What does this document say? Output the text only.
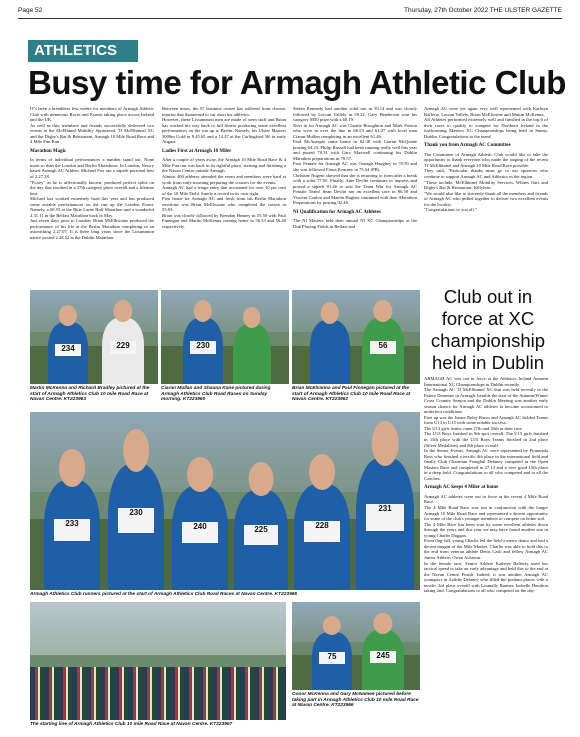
Page 52	Thursday, 27th October 2022 THE ULSTER GAZETTE
ATHLETICS
Busy time for Armagh Athletic Club

IT's been a breathless few weeks for members of Armagh Athletic Club with numerous Races and Events taking place across Ireland and the UK.

As well as this, members and friends successfully delivered two events in the McElhinnl Mobility Sponsored, TJ McElhinnel XC and the Digby's Bar & Restaurant, Armagh 10 Mile Road Race and 4 Mile Fun Run.

Marathon Magic

In terms of individual performances a number stand out. None more so than the London and Berlin Marathons. In London, Newry based Armagh AC Athlete, Michael Fox ran a superb personal best of 2.27.28.

"Foxey" as he is affectionally known, produced perfect splits on the day that resulted in a 27th category place overall and a lifetime best.

Michael has worked extremely hard this year and has produced some notable performances on the run up the London Event. Namely, a 69.55 at the Bitte Larne Half Marathon and a wonderful 2.31.11 in the Belfast Marathon back in May.

Just seven days prior to London, Brian McElhwaine produced the performance of his life at the Berlin Marathon completing in an astonishing 2.27.07. It is three long years since the Lissummon native posted 2.28.52 at the Dublin Marathon.

Between times, the IT business owner has suffered from chronic injuries that threatened to cut short his athletics.

However, these Lissummon men are made of stern stuff and Brian has worked his way back to full fitness producing some excellent performances on the run up to Berlin. Namely, his Ulster Masters 3000m Gold in 9.45.65 and a 14.47 at the Carlingford 5K in early August.

Ladies First at Armagh 10 Miler

After a couple of years away, the Armagh 10 Mile Road Race & 4 Mile Fun run was back in its rightful place, starting and finishing a the Navan Centre outside Armagh.

Almost 400 athletes attended the event and members were hard at work from early morning preparing the courses for the events.

Armagh AC had a fringe entry that accounted for over 10 per cent of the 10 Mile Field. Surely a record in its own right.

First home for Armagh AC and fresh from his Berlin Marathon exertions was Brian McElwaine who completed the course in 55.03.

Brian was closely followed by Brendan Heaney in 55.50 with Paul Finnegan and Martin McKenna coming home in 56.33 and 56.40 respectively.

Stefan Kennedy had another solid run in 59.14 and was closely followed by Lorcan Vallely in 59.22. Gary Henderson won his category M50 prize with a 60.19.

Next in for Armagh AC was Charlie Broughton and Mark Paxton who were in over the line in 60.53 and 61.07 with local man Ciaran Mullen completing in an excellent 61.46.

Paul McAnespie came home in 62.38 with Ciaran McQuade posting 64.23. Philip Russell had been running really well this year and posted 70.31 with Gary Maxwell continuing his Dublin Marathon preparations in 70.57.

First Female for Armagh AC was Oonagh Haughey in 70.59 and she was followed Fiona Kearney in 75.54 (PB).

Christine Nugent showed that she is returning to form after a break with a solid 77.05. Finally, Aine Devlin continues to impress and posted a superb 81.46 to seal the Team Win for Armagh AC Female Team! Sean Devlin ran an excellent race in 86.58 and Vincent Conlon and Maeliu Hughes continued with their Marathon Preparations by posting 92.46.

NI Qualification for Armagh AC Athletes

The NI Masters held their annual NI XC Championships at the Dub Playing Fields in Belfast and

Armagh AC were yet again very well represented with Kathryn Rafferty, Lorcan Vallely, Brian McElwaine and Martin McKenna.

All Athletes performed extremely well and finished in the top 6 of their races to qualify to compete for Northern Ireland in the forthcoming Masters XC Championships being held in Sunny, Dublin. Congratulations to the team!

Thank you from Armagh AC Committee

The Committee of Armagh Athletic Club would like to take the opportunity to thank everyone who made the staging of the recent TJ McElhinnel and Armagh 10 Mile Road Race possible.

They said, "Particular thanks must go to our sponsors who continue to support Armagh AC and Athletics in the region.

"These include, McElhinnel Mobility Services, Whites Oats and Digby's Bar & Restaurant, Killyleas.

"We would also like to sincerely thank all the members and friends of Armagh AC who pulled together to deliver two excellent events for the locality.

"Congratulations to you all."

Club out in force at XC championship held in Dublin

ARMAGH AC was out in force at the Athletics Ireland Autumn International XC Championships in Dublin recently.

The Armagh AC TJ McElhinnel XC that was held recently in the Palace Demesne in Armagh, heralds the start of the Autumn/Winter Cross Country Season and the Dublin Meeting was another early season chance for Armagh AC athletes to become accustomed to underfoot conditions.

First up was the Junior Relay Races and Armagh AC fielded Teams from U13 to U15 with some notable success.

The U13 girls teams came 27th and 35th in their race.

The U13 Boys finished in 9th spot overall. The U15 girls finished in 15th place with the U15 Boys Teams finished in 2nd place (Silver Medallists) and 8th place overall.

In the Senior Events, Armagh AC were represented by Fionnuala Ross who finished a terrific 4th place in the international field and finally Club Chairman Fearghal Delaney competed in the Open Masters Race and completed in 27.13 and a very good 15th place in a deep field. Congratulations to all who competed and to all the Coaches.

Armagh AC keeps 4 Miler at home

Armagh AC athletes were out in force at the recent 4 Mile Road Race.

The 4 Mile Road Race was run in conjunction with the longer Armagh 10 Mile Road Race and represented a decent opportunity for some of the club's younger members to compete on home soil.

The 4 Mile Race has been won by some excellent athletes down through the years and this year we may have found another star in young Charlie Duggan.

From flag-fall, young Charlie led the field a merry dance and had a decent margin of the Mile Marker. Charlie was able to hold this to the end from veteran athlete Denis Cash and fellow Armagh AC Junior Athlete, Owen Acheson.

In the female race, Senior Athlete Kathryn Rafferty used her tactical speed to take an early advantage and held this to the end at the Navan Centre Finish. Indeed, it was another Armagh AC youngster in Aoibhe Delaney who filled the podium places with a terrific 3rd place overall with Lisanally Runner, Isobelle Hendron taking 2nd. Congratulations to all who competed on the day.

234	229
Martin McKenna and Richard Bradley pictured at the start of Armagh Athletics Club 10 mile Road Race at Navan Centre. KT223963
230
Ciaran Mullan and Shauna Kane pictured during Armagh Athletics Club Road Races on Sunday morning. KT223960
56
Brian McElvanna and Paul Finnegan pictured at the start of Armagh Athletics Club 10 mile Road Race at Navan Centre. KT223962
233
230
240	225	228
231
Armagh Athletics Club runners pictured at the start of Armagh Athletics Club Road Races at Navan Centre. KT223965
The starting line of Armagh Athletics Club 10 mile Road Race at Navan Centre. KT223967
75	245
Conor McKenna and Gary McNamee pictured before taking part in Armagh Athletics Club 10 mile Road Race at Navan Centre. KT223966
